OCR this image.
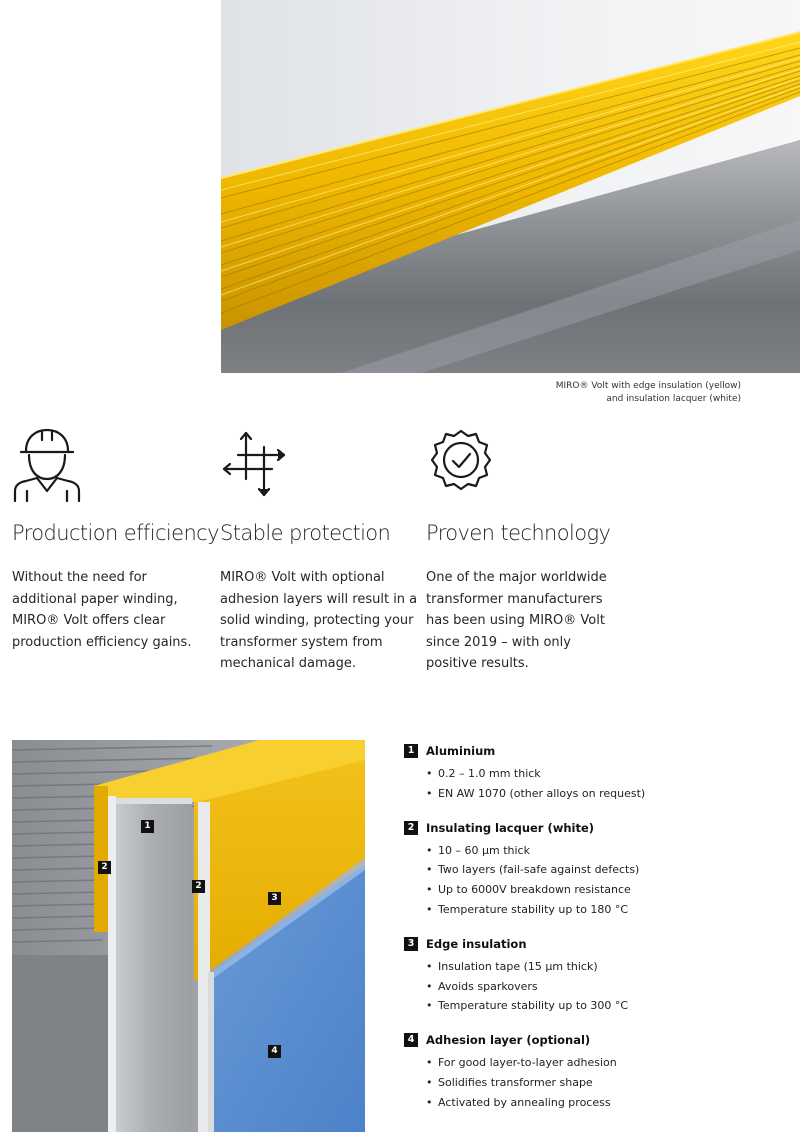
MIRO® Volt with edge insulation (yellow)
and insulation lacquer (white)
Production efficiency

Without the need for additional paper winding, MIRO® Volt offers clear production efficiency gains.

Stable protection

MIRO® Volt with optional adhesion layers will result in a solid winding, protecting your transformer system from mechanical damage.

Proven technology

One of the major worldwide transformer manufacturers has been using MIRO® Volt since 2019 – with only positive results.

1
2
2
3
4
1	Aluminium
• 0.2 – 1.0 mm thick
• EN AW 1070 (other alloys on request)
2	Insulating lacquer (white)
• 10 – 60 µm thick
• Two layers (fail-safe against defects)
• Up to 6000V breakdown resistance
• Temperature stability up to 180 °C
3	Edge insulation
• Insulation tape (15 µm thick)
• Avoids sparkovers
• Temperature stability up to 300 °C
4	Adhesion layer (optional)
• For good layer-to-layer adhesion
• Solidifies transformer shape
• Activated by annealing process
